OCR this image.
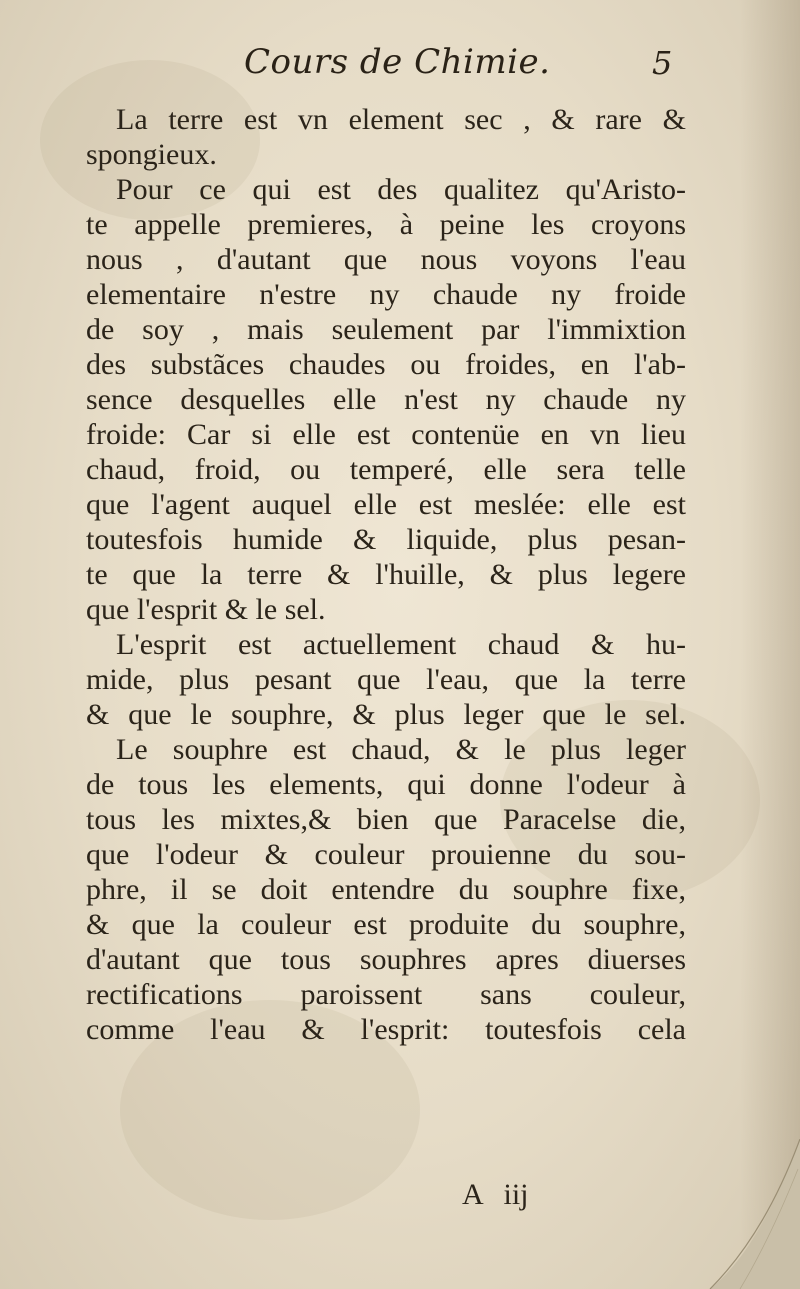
Cours de Chimie.	5
La terre est vn element sec , & rare &
spongieux.
Pour ce qui est des qualitez qu'Aristo-
te appelle premieres, à peine les croyons
nous , d'autant que nous voyons l'eau
elementaire n'estre ny chaude ny froide
de soy , mais seulement par l'immixtion
des substãces chaudes ou froides, en l'ab-
sence desquelles elle n'est ny chaude ny
froide: Car si elle est contenüe en vn lieu
chaud, froid, ou temperé, elle sera telle
que l'agent auquel elle est meslée: elle est
toutesfois humide & liquide, plus pesan-
te que la terre & l'huille, & plus legere
que l'esprit & le sel.
L'esprit est actuellement chaud & hu-
mide, plus pesant que l'eau, que la terre
& que le souphre, & plus leger que le sel.
Le souphre est chaud, & le plus leger
de tous les elements, qui donne l'odeur à
tous les mixtes,& bien que Paracelse die,
que l'odeur & couleur prouienne du sou-
phre, il se doit entendre du souphre fixe,
& que la couleur est produite du souphre,
d'autant que tous souphres apres diuerses
rectifications paroissent sans couleur,
comme l'eau & l'esprit: toutesfois cela
A iij
